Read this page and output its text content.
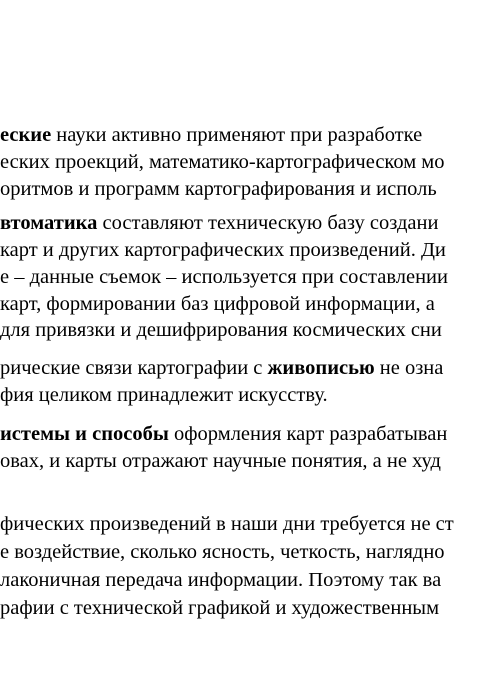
еские науки активно применяют при разработке
еских проекций, математико-картографическом мо
оритмов и программ картографирования и исполь
втоматика составляют техническую базу создани
карт и других картографических произведений. Ди
е – данные съемок – используется при составлении
карт, формировании баз цифровой информации, а
для привязки и дешифрирования космических сни
рические связи картографии с живописью не озна
фия целиком принадлежит искусству.
истемы и способы оформления карт разрабатыван
овах, и карты отражают научные понятия, а не худ
фических произведений в наши дни требуется не ст
е воздействие, сколько ясность, четкость, наглядно
лаконичная передача информации. Поэтому так ва
рафии с технической графикой и художественным
